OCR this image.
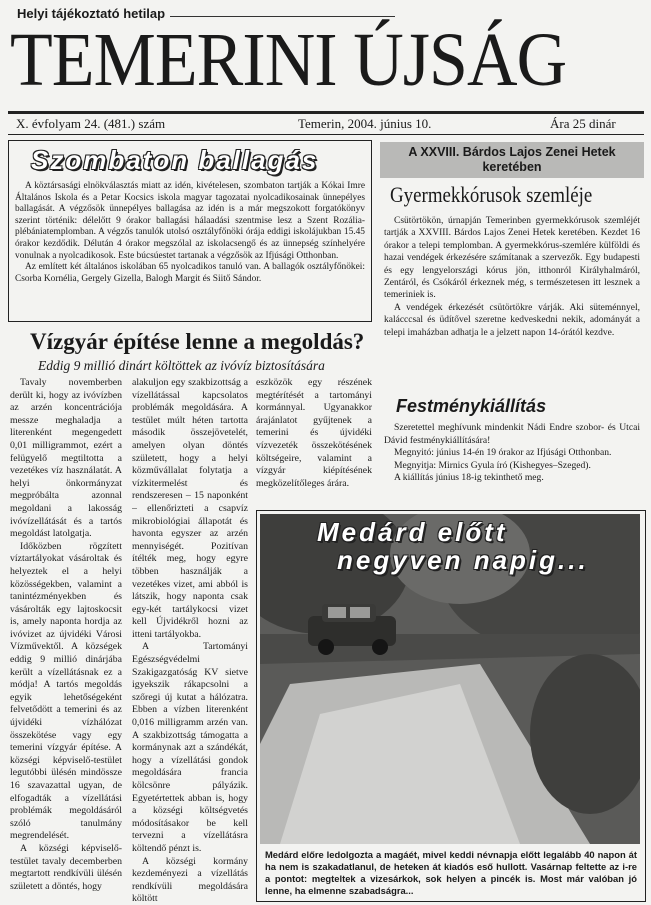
Helyi tájékoztató hetilap
TEMERINI ÚJSÁG
X. évfolyam 24. (481.) szám	Temerin, 2004. június 10.	Ára 25 dinár
Szombaton ballagás

A köztársasági elnökválasztás miatt az idén, kivételesen, szombaton tartják a Kókai Imre Általános Iskola és a Petar Kocsics iskola magyar tagozatai nyolcadikosainak ünnepélyes ballagását. A végzősök ünnepélyes ballagása az idén is a már megszokott forgatókönyv szerint történik: délelőtt 9 órakor ballagási hálaadási szentmise lesz a Szent Rozália-plébániatemplomban. A végzős tanulók utolsó osztályfőnöki órája eddigi iskolájukban 15.45 órakor kezdődik. Délután 4 órakor megszólal az iskolacsengő és az ünnepség színhelyére vonulnak a nyolcadikosok. Este búcsúestet tartanak a végzősök az Ifjúsági Otthonban.

Az említett két általános iskolában 65 nyolcadikos tanuló van. A ballagók osztályfőnökei: Csorba Kornélia, Gergely Gizella, Balogh Margit és Siitő Sándor.

Vízgyár építése lenne a megoldás?
Eddig 9 millió dinárt költöttek az ivóvíz biztosítására

Tavaly novemberben derült ki, hogy az ivóvízben az arzén koncentrációja messze meghaladja a literenként megengedett 0,01 milligrammot, ezért a felügyelő megtiltotta a vezetékes víz használatát. A helyi önkormányzat megpróbálta azonnal megoldani a lakosság ivóvízellátását és a tartós megoldást latolgatja.

Időközben rögzített víztartályokat vásároltak és helyeztek el a helyi közösségekben, valamint a tanintézményekben és vásárolták egy lajtoskocsit is, amely naponta hordja az ivóvizet az újvidéki Városi Vízművektől. A községek eddig 9 millió dinárjába került a vízellátásnak ez a módja! A tartós megoldás egyik lehetőségeként felvetődött a temerini és az újvidéki vízhálózat összekötése vagy egy temerini vízgyár építése. A községi képviselő-testület legutóbbi ülésén mindössze 16 szavazattal ugyan, de elfogadták a vízellátási problémák megoldásáról szóló tanulmány megrendelését.

A községi képviselő-testület tavaly decemberben megtartott rendkívüli ülésén született a döntés, hogy

alakuljon egy szakbizottság a vízellátással kapcsolatos problémák megoldására. A testület múlt héten tartotta második összejövetelét, amelyen olyan döntés született, hogy a helyi közművállalat folytatja a vízkitermelést és rendszeresen – 15 naponként – ellenőrizteti a csapvíz mikrobiológiai állapotát és havonta egyszer az arzén mennyiségét. Pozitívan ítélték meg, hogy egyre többen használják a vezetékes vizet, ami abból is látszik, hogy naponta csak egy-két tartálykocsi vizet kell Újvidékről hozni az itteni tartályokba.

A Tartományi Egészségvédelmi Szakigazgatóság KV sietve igyekszik rákapcsolni a szőregi új kutat a hálózatra. Ebben a vízben literenként 0,016 milligramm arzén van. A szakbizottság támogatta a kormánynak azt a szándékát, hogy a vízellátási gondok megoldására francia kölcsönre pályázik. Egyetértettek abban is, hogy a községi költségvetés módosításakor be kell tervezni a vízellátásra költendő pénzt is.

A községi kormány kezdeményezi a vízellátás rendkívüli megoldására költött

eszközök egy részének megtérítését a tartományi kormánnyal. Ugyanakkor árajánlatot gyűjtenek a temerini és újvidéki vízvezeték összekötésének költségeire, valamint a vízgyár kiépítésének megközelítőleges árára.

A XXVIII. Bárdos Lajos Zenei Hetek keretében
Gyermekkórusok szemléje

Csütörtökön, úrnapján Temerinben gyermekkórusok szemléjét tartják a XXVIII. Bárdos Lajos Zenei Hetek keretében. Kezdet 16 órakor a telepi templomban. A gyermekkórus-szemlére külföldi és hazai vendégek érkezésére számítanak a szervezők. Egy budapesti és egy lengyelországi kórus jön, itthonról Királyhalmáról, Zentáról, és Csókáról érkeznek még, s természetesen itt lesznek a temeriniek is.

A vendégek érkezését csütörtökre várják. Aki süteménnyel, kalácccsal és üdítővel szeretne kedveskedni nekik, adományát a telepi imaházban adhatja le a jelzett napon 14-órától kezdve.

Festménykiállítás

Szeretettel meghívunk mindenkit Nádi Endre szobor- és Utcai Dávid festménykiállítására!

Megnyitó: június 14-én 19 órakor az Ifjúsági Otthonban.

Megnyitja: Mirnics Gyula író (Kishegyes–Szeged).

A kiállítás június 18-ig tekinthető meg.

Medárd előtt
negyven napig...
Medárd előre ledolgozta a magáét, mivel keddi névnapja előtt legalább 40 napon át ha nem is szakadatlanul, de heteken át kiadós eső hullott. Vasárnap feltette az i-re a pontot: megteltek a vizesárkok, sok helyen a pincék is. Most már valóban jó lenne, ha elmenne szabadságra...
